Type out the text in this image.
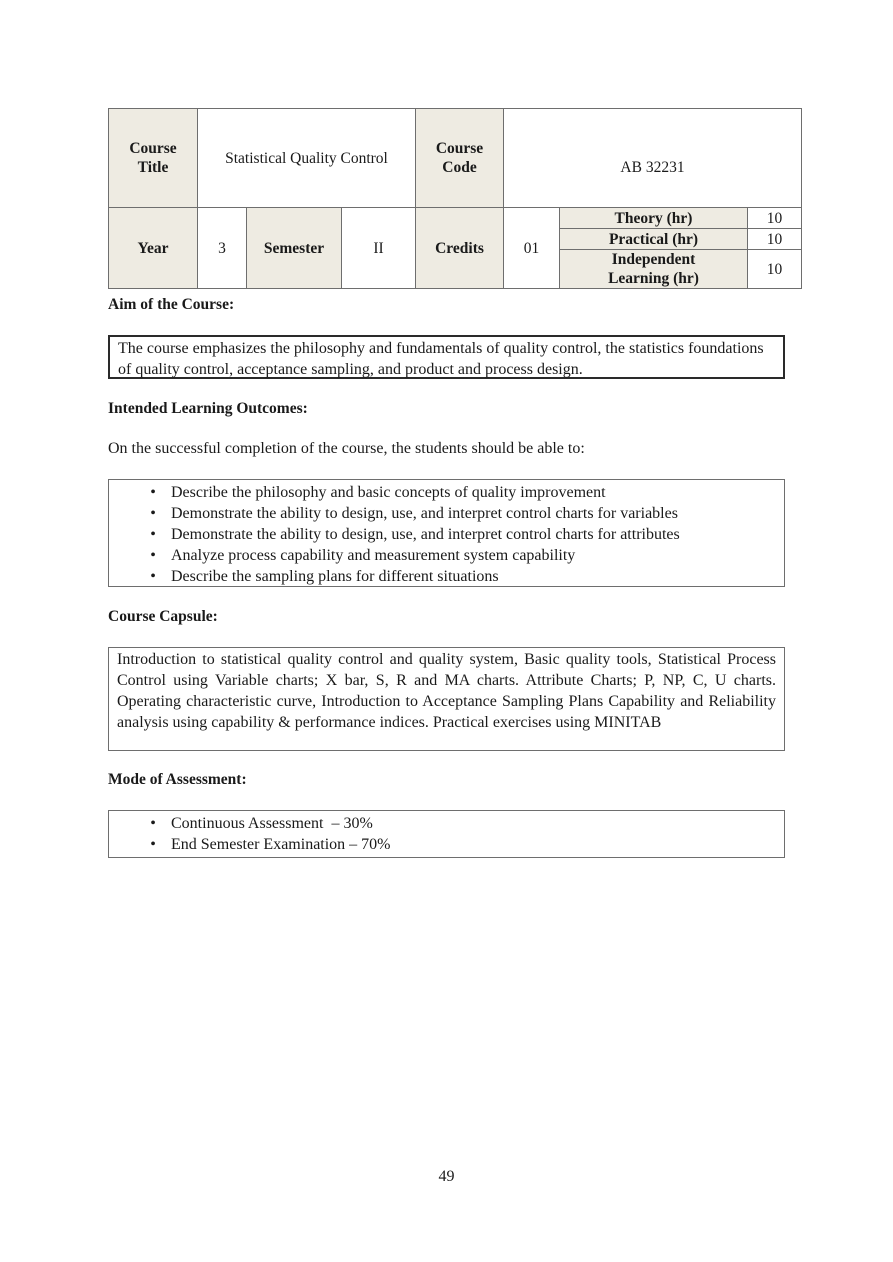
Course Title	Statistical Quality Control			Course Code	AB 32231		
Year	3	Semester	II	Credits	01	Theory (hr)	10
						Practical (hr)	10
						Independent Learning (hr)	10
Aim of the Course:
The course emphasizes the philosophy and fundamentals of quality control, the statistics foundations of quality control, acceptance sampling, and product and process design.
Intended Learning Outcomes:
On the successful completion of the course, the students should be able to:
• Describe the philosophy and basic concepts of quality improvement
• Demonstrate the ability to design, use, and interpret control charts for variables
• Demonstrate the ability to design, use, and interpret control charts for attributes
• Analyze process capability and measurement system capability
• Describe the sampling plans for different situations
Course Capsule:
Introduction to statistical quality control and quality system, Basic quality tools, Statistical Process Control using Variable charts; X bar, S, R and MA charts. Attribute Charts; P, NP, C, U charts. Operating characteristic curve, Introduction to Acceptance Sampling Plans Capability and Reliability analysis using capability & performance indices. Practical exercises using MINITAB
Mode of Assessment:
• Continuous Assessment  – 30%
• End Semester Examination – 70%
49
